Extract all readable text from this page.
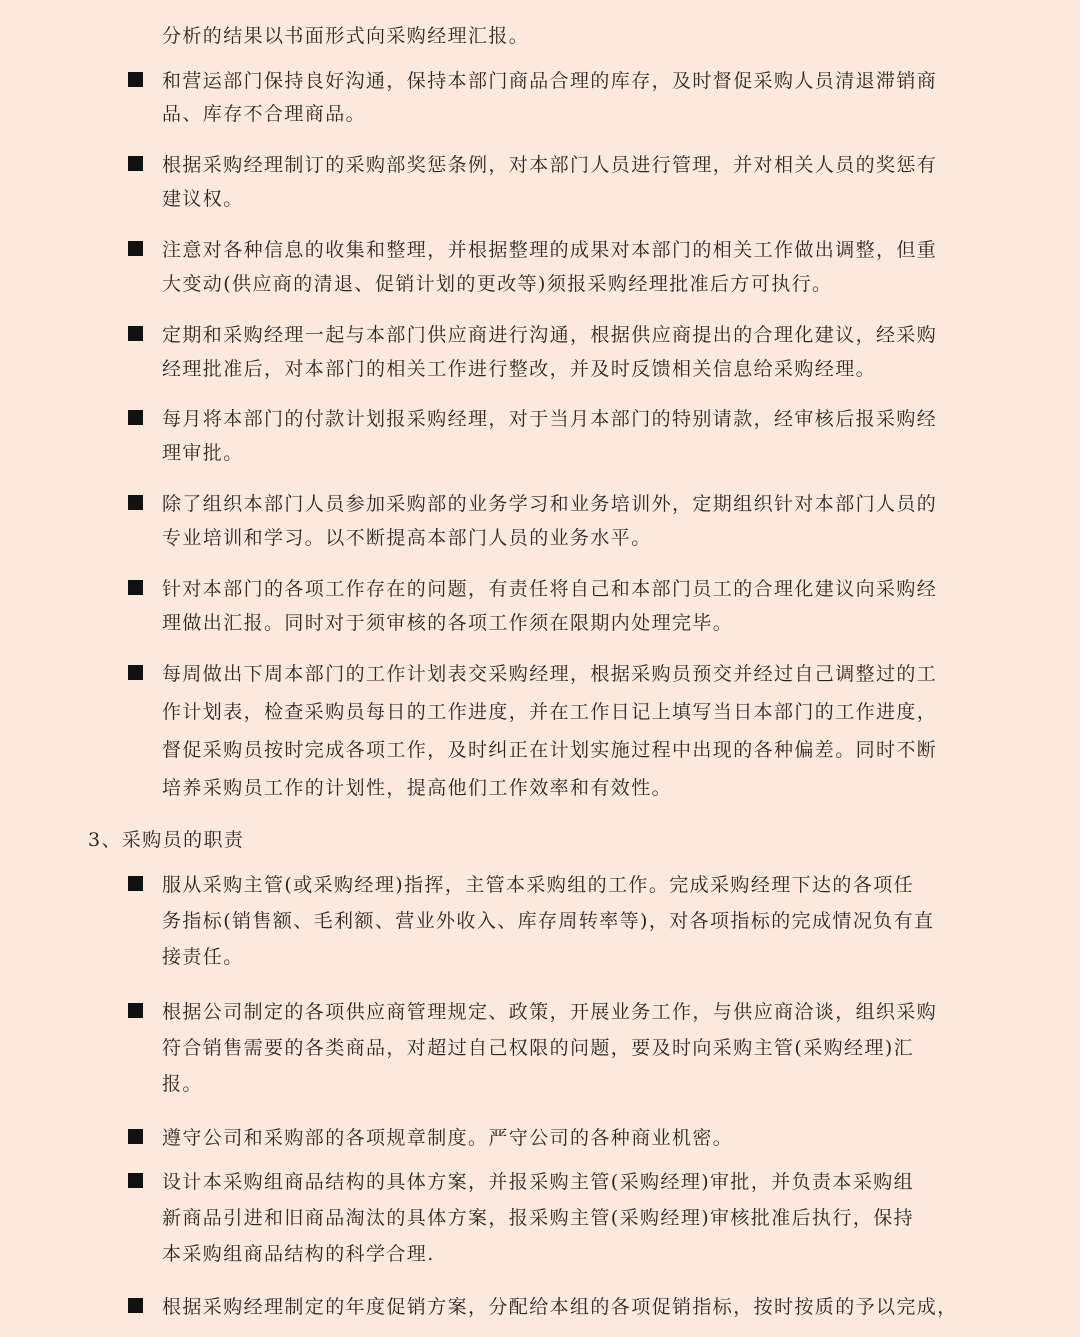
分析的结果以书面形式向采购经理汇报。
和营运部门保持良好沟通，保持本部门商品合理的库存，及时督促采购人员清退滞销商
品、库存不合理商品。
根据采购经理制订的采购部奖惩条例，对本部门人员进行管理，并对相关人员的奖惩有
建议权。
注意对各种信息的收集和整理，并根据整理的成果对本部门的相关工作做出调整，但重
大变动(供应商的清退、促销计划的更改等)须报采购经理批准后方可执行。
定期和采购经理一起与本部门供应商进行沟通，根据供应商提出的合理化建议，经采购
经理批准后，对本部门的相关工作进行整改，并及时反馈相关信息给采购经理。
每月将本部门的付款计划报采购经理，对于当月本部门的特别请款，经审核后报采购经
理审批。
除了组织本部门人员参加采购部的业务学习和业务培训外，定期组织针对本部门人员的
专业培训和学习。以不断提高本部门人员的业务水平。
针对本部门的各项工作存在的问题，有责任将自己和本部门员工的合理化建议向采购经
理做出汇报。同时对于须审核的各项工作须在限期内处理完毕。
每周做出下周本部门的工作计划表交采购经理，根据采购员预交并经过自己调整过的工
作计划表，检查采购员每日的工作进度，并在工作日记上填写当日本部门的工作进度，
督促采购员按时完成各项工作，及时纠正在计划实施过程中出现的各种偏差。同时不断
培养采购员工作的计划性，提高他们工作效率和有效性。
3、采购员的职责
服从采购主管(或采购经理)指挥，主管本采购组的工作。完成采购经理下达的各项任
务指标(销售额、毛利额、营业外收入、库存周转率等)，对各项指标的完成情况负有直
接责任。
根据公司制定的各项供应商管理规定、政策，开展业务工作，与供应商洽谈，组织采购
符合销售需要的各类商品，对超过自己权限的问题，要及时向采购主管(采购经理)汇
报。
遵守公司和采购部的各项规章制度。严守公司的各种商业机密。
设计本采购组商品结构的具体方案，并报采购主管(采购经理)审批，并负责本采购组
新商品引进和旧商品淘汰的具体方案，报采购主管(采购经理)审核批准后执行，保持
本采购组商品结构的科学合理.
根据采购经理制定的年度促销方案，分配给本组的各项促销指标，按时按质的予以完成，
